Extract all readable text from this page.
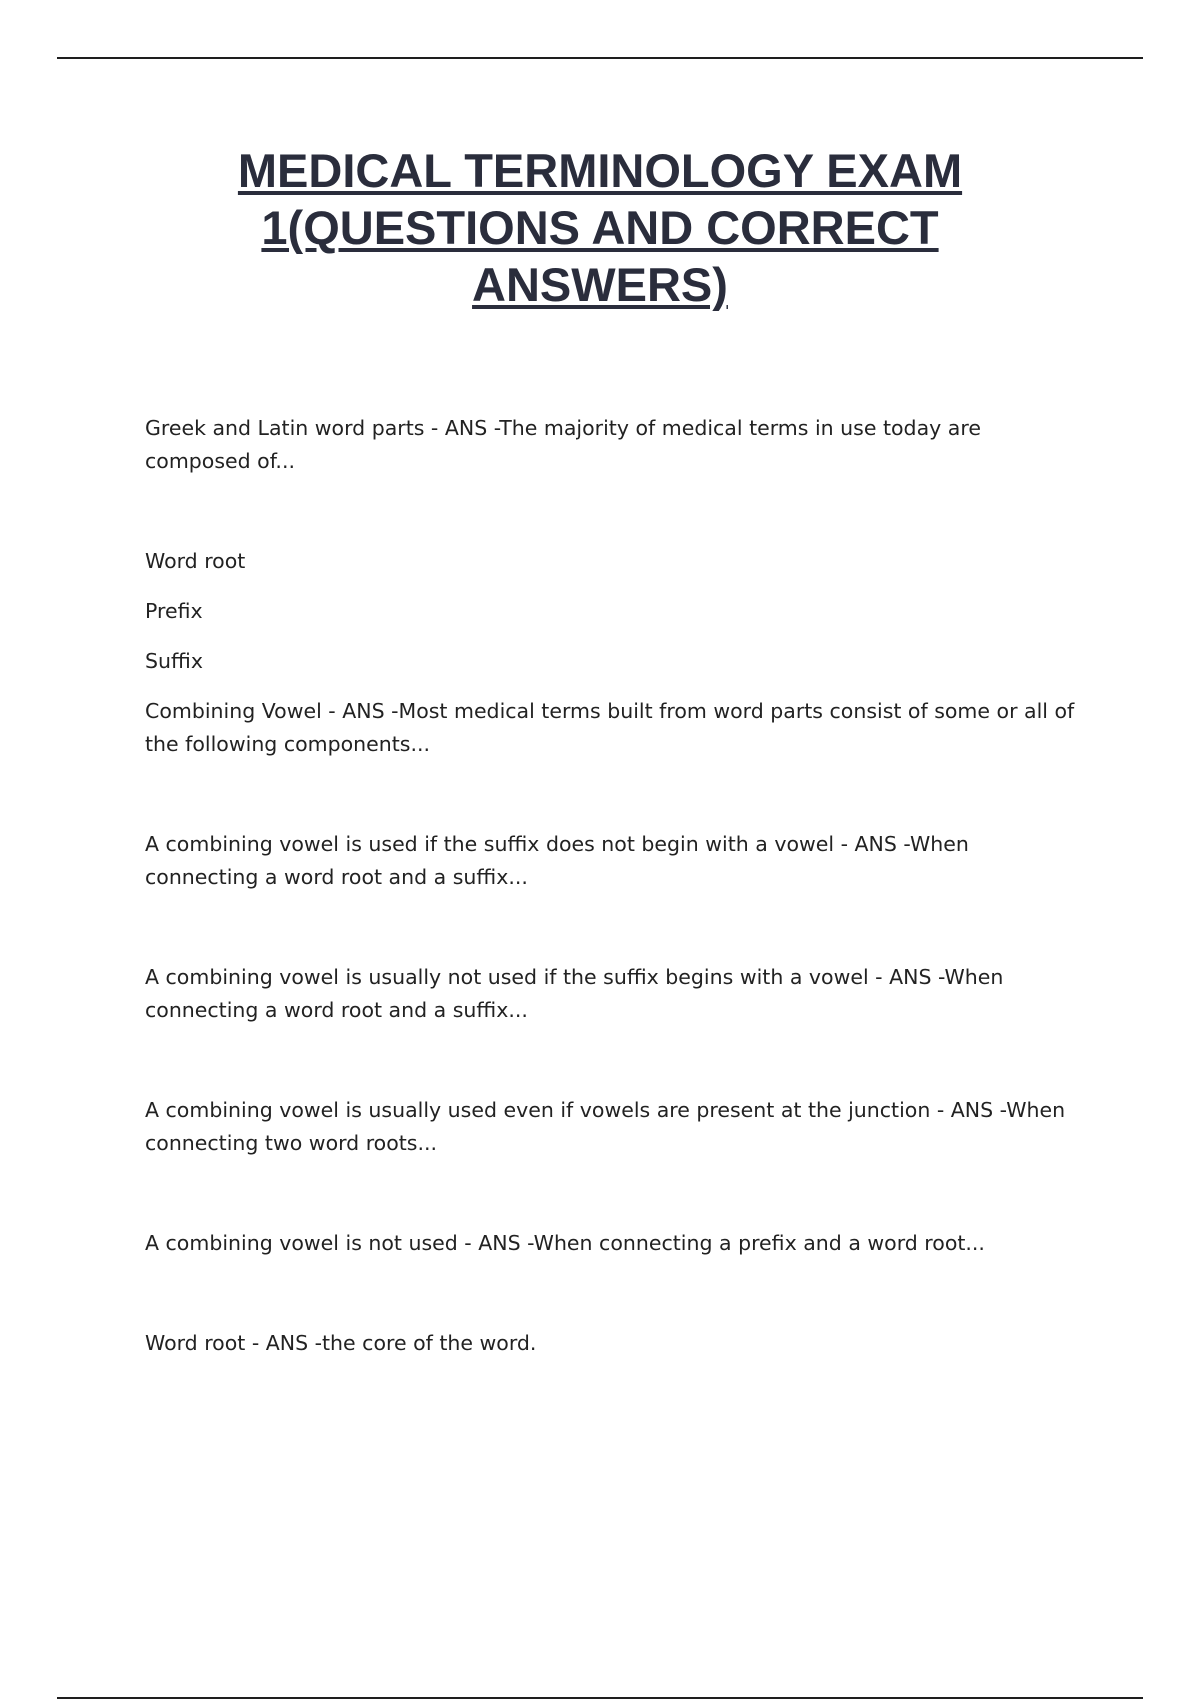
MEDICAL TERMINOLOGY EXAM
1(QUESTIONS AND CORRECT
ANSWERS)

Greek and Latin word parts - ANS -The majority of medical terms in use today are composed of...

Word root

Prefix

Suffix

Combining Vowel - ANS -Most medical terms built from word parts consist of some or all of the following components...

A combining vowel is used if the suffix does not begin with a vowel - ANS -When connecting a word root and a suffix...

A combining vowel is usually not used if the suffix begins with a vowel - ANS -When connecting a word root and a suffix...

A combining vowel is usually used even if vowels are present at the junction - ANS -When connecting two word roots...

A combining vowel is not used - ANS -When connecting a prefix and a word root...

Word root - ANS -the core of the word.
